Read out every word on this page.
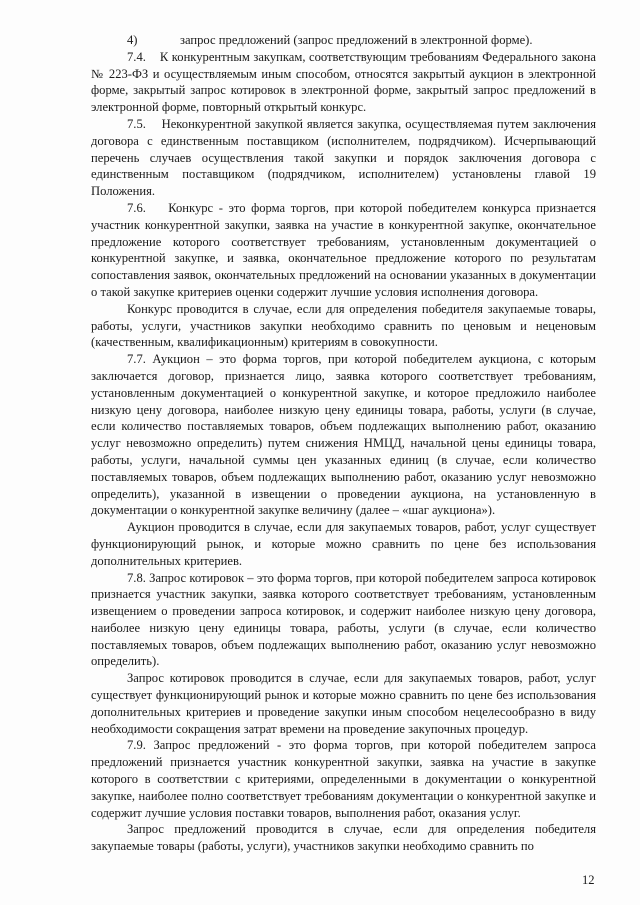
4)	запрос предложений (запрос предложений в электронной форме).

7.4.    К конкурентным закупкам, соответствующим требованиям Федерального закона № 223-ФЗ и осуществляемым иным способом, относятся закрытый аукцион в электронной форме, закрытый запрос котировок в электронной форме, закрытый запрос предложений в электронной форме, повторный открытый конкурс.

7.5.    Неконкурентной закупкой является закупка, осуществляемая путем заключения договора с единственным поставщиком (исполнителем, подрядчиком). Исчерпывающий перечень случаев осуществления такой закупки и порядок заключения договора с единственным поставщиком (подрядчиком, исполнителем) установлены главой 19 Положения.

7.6.    Конкурс - это форма торгов, при которой победителем конкурса признается участник конкурентной закупки, заявка на участие в конкурентной закупке, окончательное предложение которого соответствует требованиям, установленным документацией о конкурентной закупке, и заявка, окончательное предложение которого по результатам сопоставления заявок, окончательных предложений на основании указанных в документации о такой закупке критериев оценки содержит лучшие условия исполнения договора.

Конкурс проводится в случае, если для определения победителя закупаемые товары, работы, услуги, участников закупки необходимо сравнить по ценовым и неценовым (качественным, квалификационным) критериям в совокупности.

7.7. Аукцион – это форма торгов, при которой победителем аукциона, с которым заключается договор, признается лицо, заявка которого соответствует требованиям, установленным документацией о конкурентной закупке, и которое предложило наиболее низкую цену договора, наиболее низкую цену единицы товара, работы, услуги (в случае, если количество поставляемых товаров, объем подлежащих выполнению работ, оказанию услуг невозможно определить) путем снижения НМЦД, начальной цены единицы товара, работы, услуги, начальной суммы цен указанных единиц (в случае, если количество поставляемых товаров, объем подлежащих выполнению работ, оказанию услуг невозможно определить), указанной в извещении о проведении аукциона, на установленную в документации о конкурентной закупке величину (далее – «шаг аукциона»).

Аукцион проводится в случае, если для закупаемых товаров, работ, услуг существует функционирующий рынок, и которые можно сравнить по цене без использования дополнительных критериев.

7.8. Запрос котировок – это форма торгов, при которой победителем запроса котировок признается участник закупки, заявка которого соответствует требованиям, установленным извещением о проведении запроса котировок, и содержит наиболее низкую цену договора, наиболее низкую цену единицы товара, работы, услуги (в случае, если количество поставляемых товаров, объем подлежащих выполнению работ, оказанию услуг невозможно определить).

Запрос котировок проводится в случае, если для закупаемых товаров, работ, услуг существует функционирующий рынок и которые можно сравнить по цене без использования дополнительных критериев и проведение закупки иным способом нецелесообразно в виду необходимости сокращения затрат времени на проведение закупочных процедур.

7.9. Запрос предложений - это форма торгов, при которой победителем запроса предложений признается участник конкурентной закупки, заявка на участие в закупке которого в соответствии с критериями, определенными в документации о конкурентной закупке, наиболее полно соответствует требованиям документации о конкурентной закупке и содержит лучшие условия поставки товаров, выполнения работ, оказания услуг.

Запрос предложений проводится в случае, если для определения победителя закупаемые товары (работы, услуги), участников закупки необходимо сравнить по

12
